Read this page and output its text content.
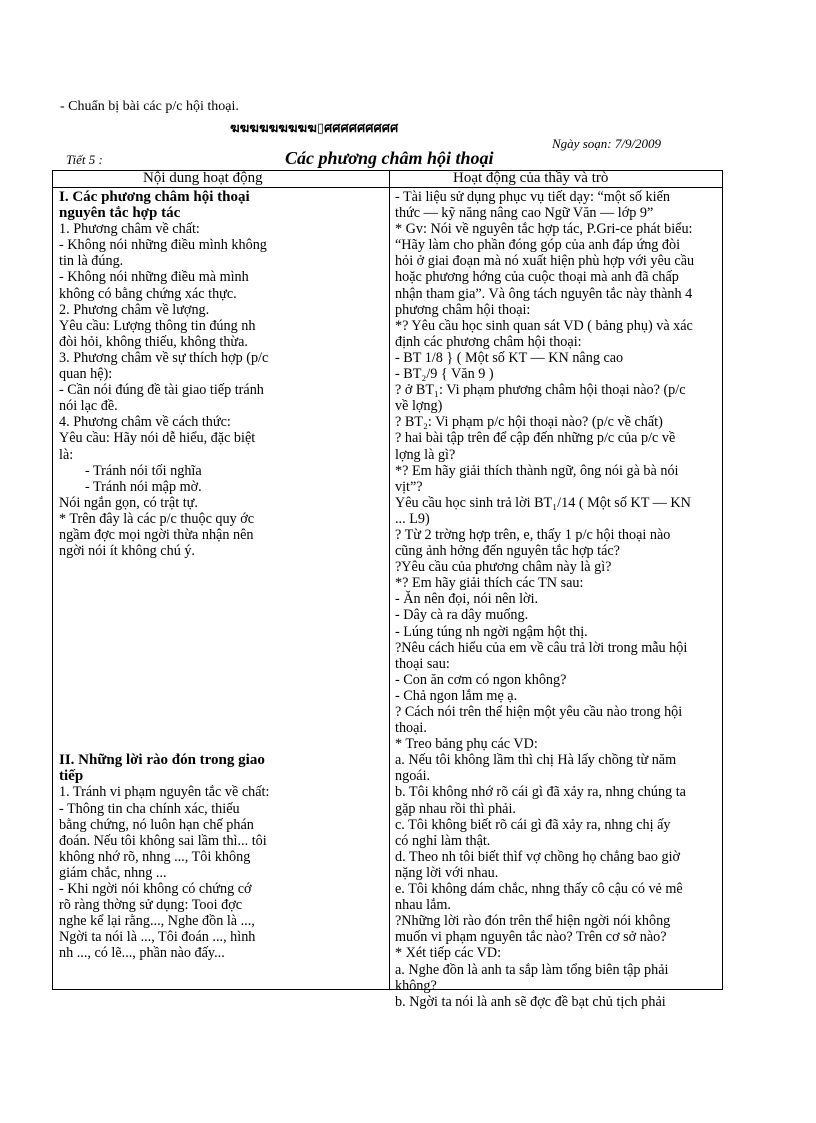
- Chuẩn bị bài các p/c hội thoại.
ฆฆฆฆฆฆฆฆฆ▯ศศศศศศศศศ
Ngày soạn: 7/9/2009
Tiết 5 :	Các phương châm hội thoại
Nội dung hoạt động	Hoạt động của thầy và trò
I. Các phương châm hội thoại
nguyên tắc hợp tác
1. Phương châm về chất:
- Không nói những điều mình không
tin là đúng.
- Không nói những điều mà mình
không có bằng chứng xác thực.
2. Phương châm về lượng.
Yêu cầu: Lượng thông tin đúng nh
đòi hỏi, không thiếu, không thừa.
3. Phương châm về sự thích hợp (p/c
quan hệ):
- Cần nói đúng đề tài giao tiếp tránh
nói lạc đề.
4. Phương châm về cách thức:
Yêu cầu: Hãy nói dễ hiểu, đặc biệt
là:
- Tránh nói tối nghĩa
- Tránh nói mập mờ.
Nói ngắn gọn, có trật tự.
* Trên đây là các p/c thuộc quy ớc
ngầm đợc mọi ngời thừa nhận nên
ngời nói ít không chú ý.
II. Những lời rào đón trong giao
tiếp
1. Tránh vi phạm nguyên tắc về chất:
- Thông tin cha chính xác, thiếu
bằng chứng, nó luôn hạn chế phán
đoán. Nếu tôi không sai lầm thì... tôi
không nhớ rõ, nhng ..., Tôi không
giám chắc, nhng ...
- Khi ngời nói không có chứng cớ
rõ ràng thờng sử dụng: Tooi đợc
nghe kể lại rằng..., Nghe đồn là ...,
Ngời ta nói là ..., Tôi đoán ..., hình
nh ..., có lẽ..., phần nào đấy...
- Tài liệu sử dụng phục vụ tiết dạy: “một số kiến
thức — kỹ năng nâng cao Ngữ Văn — lớp 9”
* Gv: Nói về nguyên tắc hợp tác, P.Gri-ce phát biểu:
“Hãy làm cho phần đóng góp của anh đáp ứng đòi
hỏi ở giai đoạn mà nó xuất hiện phù hợp với yêu cầu
hoặc phương hớng của cuộc thoại mà anh đã chấp
nhận tham gia”. Và ông tách nguyên tắc này thành 4
phương châm hội thoại:
*? Yêu cầu học sinh quan sát VD ( bảng phụ) và xác
định các phương châm hội thoại:
- BT 1/8 } ( Một số KT — KN nâng cao
- BT₂/9 { Văn 9 )
? ở BT₁: Vi phạm phương châm hội thoại nào? (p/c
về lợng)
? BT₂: Vi phạm p/c hội thoại nào? (p/c về chất)
? hai bài tập trên để cập đến những p/c của p/c về
lợng là gì?
*? Em hãy giải thích thành ngữ, ông nói gà bà nói
vịt”?
Yêu cầu học sinh trả lời BT₁/14 ( Một số KT — KN
... L9)
? Từ 2 trờng hợp trên, e, thấy 1 p/c hội thoại nào
cũng ảnh hởng đến nguyên tắc hợp tác?
?Yêu cầu của phương châm này là gì?
*? Em hãy giải thích các TN sau:
- Ăn nên đọi, nói nên lời.
- Dây cà ra dây muống.
- Lúng túng nh ngời ngậm hột thị.
?Nêu cách hiểu của em về câu trả lời trong mẫu hội
thoại sau:
- Con ăn cơm có ngon không?
- Chả ngon lắm mẹ ạ.
? Cách nói trên thể hiện một yêu cầu nào trong hội
thoại.
* Treo bảng phụ các VD:
a. Nếu tôi không lầm thì chị Hà lấy chồng từ năm
ngoái.
b. Tôi không nhớ rõ cái gì đã xảy ra, nhng chúng ta
gặp nhau rồi thì phải.
c. Tôi không biết rõ cái gì đã xảy ra, nhng chị ấy
có nghỉ làm thật.
d. Theo nh tôi biết thìf vợ chồng họ chẳng bao giờ
nặng lời với nhau.
e. Tôi không dám chắc, nhng thấy cô cậu có vẻ mê
nhau lắm.
?Những lời rào đón trên thể hiện ngời nói không
muốn vi phạm nguyên tắc nào? Trên cơ sở nào?
* Xét tiếp các VD:
a. Nghe đồn là anh ta sắp làm tổng biên tập phải
không?
b. Ngời ta nói là anh sẽ đợc đề bạt chủ tịch phải
